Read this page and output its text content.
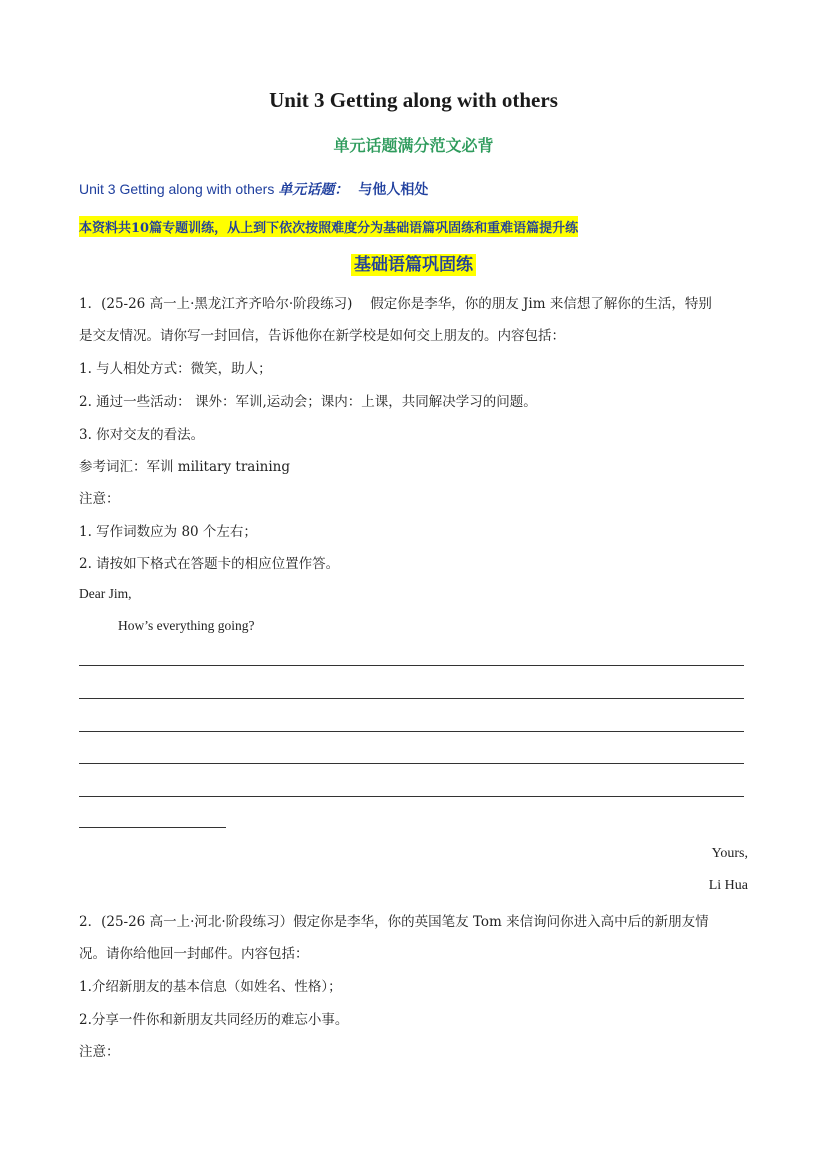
Unit 3 Getting along with others
单元话题满分范文必背
Unit 3 Getting along with others 单元话题： 与他人相处
本资料共10篇专题训练，从上到下依次按照难度分为基础语篇巩固练和重难语篇提升练
基础语篇巩固练
1．(25-26 高一上·黑龙江齐齐哈尔·阶段练习)　 假定你是李华，你的朋友 Jim 来信想了解你的生活，特别
是交友情况。请你写一封回信，告诉他你在新学校是如何交上朋友的。内容包括：
1. 与人相处方式：微笑，助人；
2. 通过一些活动： 课外：军训,运动会；课内：上课，共同解决学习的问题。
3. 你对交友的看法。
参考词汇：军训 military training
注意：
1. 写作词数应为 80 个左右；
2. 请按如下格式在答题卡的相应位置作答。
Dear Jim,
How’s everything going?
Yours,
Li Hua
2．(25-26 高一上·河北·阶段练习）假定你是李华，你的英国笔友 Tom 来信询问你进入高中后的新朋友情
况。请你给他回一封邮件。内容包括：
1.介绍新朋友的基本信息（如姓名、性格）；
2.分享一件你和新朋友共同经历的难忘小事。
注意：
